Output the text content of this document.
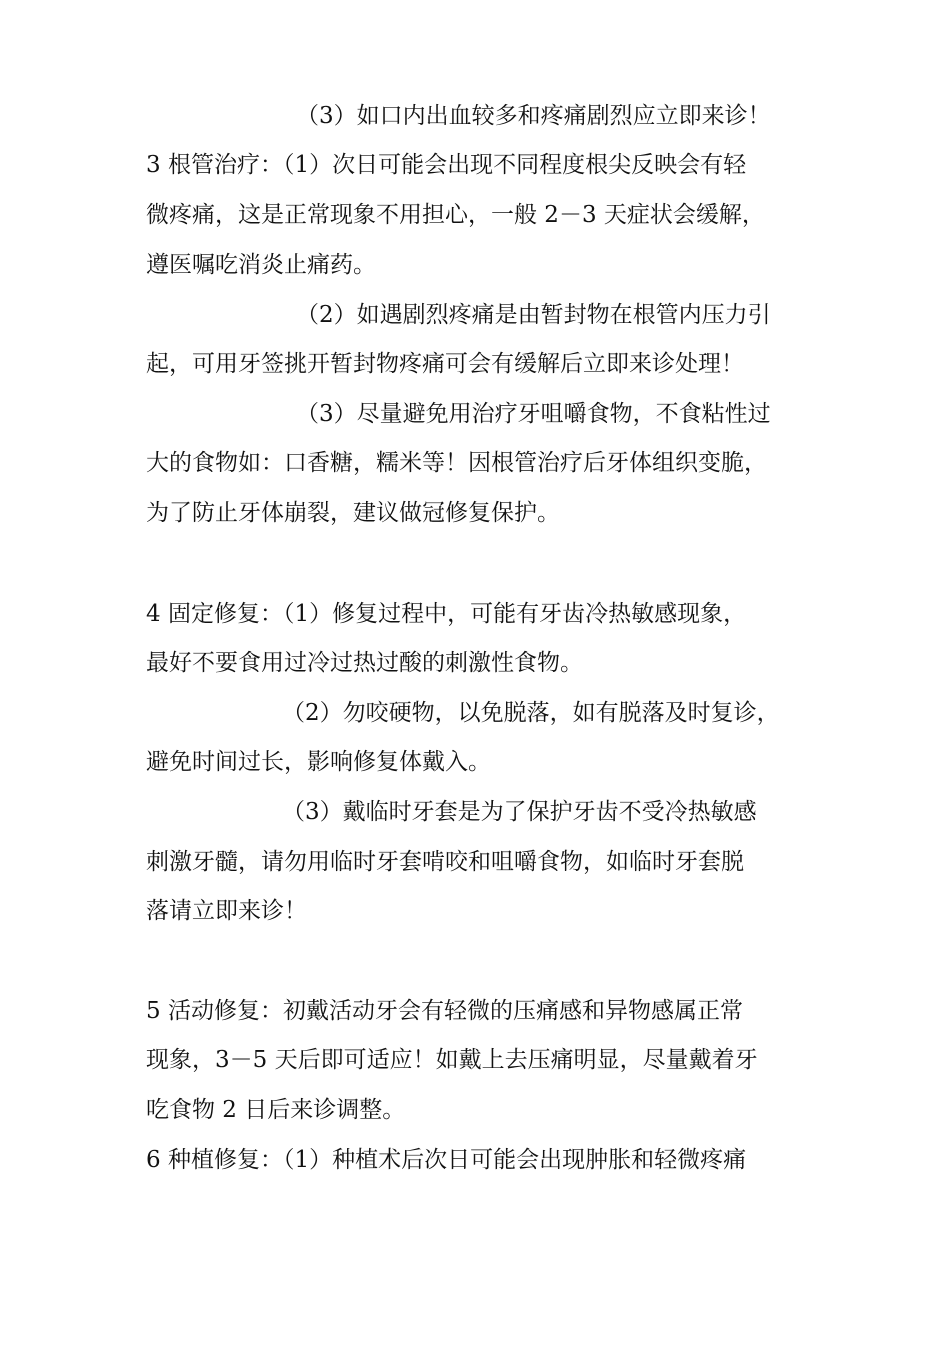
（3）如口内出血较多和疼痛剧烈应立即来诊！
3 根管治疗：（1）次日可能会出现不同程度根尖反映会有轻
微疼痛，这是正常现象不用担心，一般 2－3 天症状会缓解，
遵医嘱吃消炎止痛药。
（2）如遇剧烈疼痛是由暂封物在根管内压力引
起，可用牙签挑开暂封物疼痛可会有缓解后立即来诊处理！
（3）尽量避免用治疗牙咀嚼食物，不食粘性过
大的食物如：口香糖，糯米等！因根管治疗后牙体组织变脆，
为了防止牙体崩裂，建议做冠修复保护。
4 固定修复：（1）修复过程中，可能有牙齿冷热敏感现象，
最好不要食用过冷过热过酸的刺激性食物。
（2）勿咬硬物，以免脱落，如有脱落及时复诊，
避免时间过长，影响修复体戴入。
（3）戴临时牙套是为了保护牙齿不受冷热敏感
刺激牙髓，请勿用临时牙套啃咬和咀嚼食物，如临时牙套脱
落请立即来诊！
5 活动修复：初戴活动牙会有轻微的压痛感和异物感属正常
现象，3－5 天后即可适应！如戴上去压痛明显，尽量戴着牙
吃食物 2 日后来诊调整。
6 种植修复：（1）种植术后次日可能会出现肿胀和轻微疼痛
